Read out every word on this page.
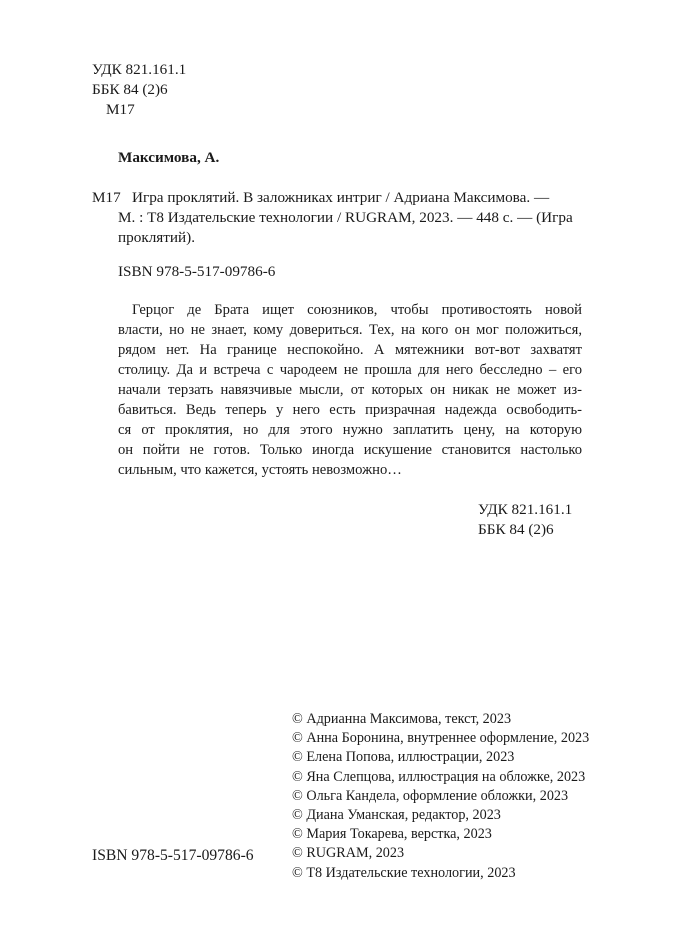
УДК 821.161.1
ББК 84 (2)6
М17
Максимова, А.
М17 Игра проклятий. В заложниках интриг / Адриана Максимова. —
М. : Т8 Издательские технологии / RUGRAM, 2023. — 448 с. — (Игра
проклятий).
ISBN 978-5-517-09786-6
Герцог де Брата ищет союзников, чтобы противостоять новой
власти, но не знает, кому довериться. Тех, на кого он мог положиться,
рядом нет. На границе неспокойно. А мятежники вот-вот захватят
столицу. Да и встреча с чародеем не прошла для него бесследно – его
начали терзать навязчивые мысли, от которых он никак не может из-
бавиться. Ведь теперь у него есть призрачная надежда освободить-
ся от проклятия, но для этого нужно заплатить цену, на которую
он пойти не готов. Только иногда искушение становится настолько
сильным, что кажется, устоять невозможно…
УДК 821.161.1
ББК 84 (2)6
© Адрианна Максимова, текст, 2023
© Анна Боронина, внутреннее оформление, 2023
© Елена Попова, иллюстрации, 2023
© Яна Слепцова, иллюстрация на обложке, 2023
© Ольга Кандела, оформление обложки, 2023
© Диана Уманская, редактор, 2023
© Мария Токарева, верстка, 2023
© RUGRAM, 2023
© Т8 Издательские технологии, 2023
ISBN 978-5-517-09786-6
